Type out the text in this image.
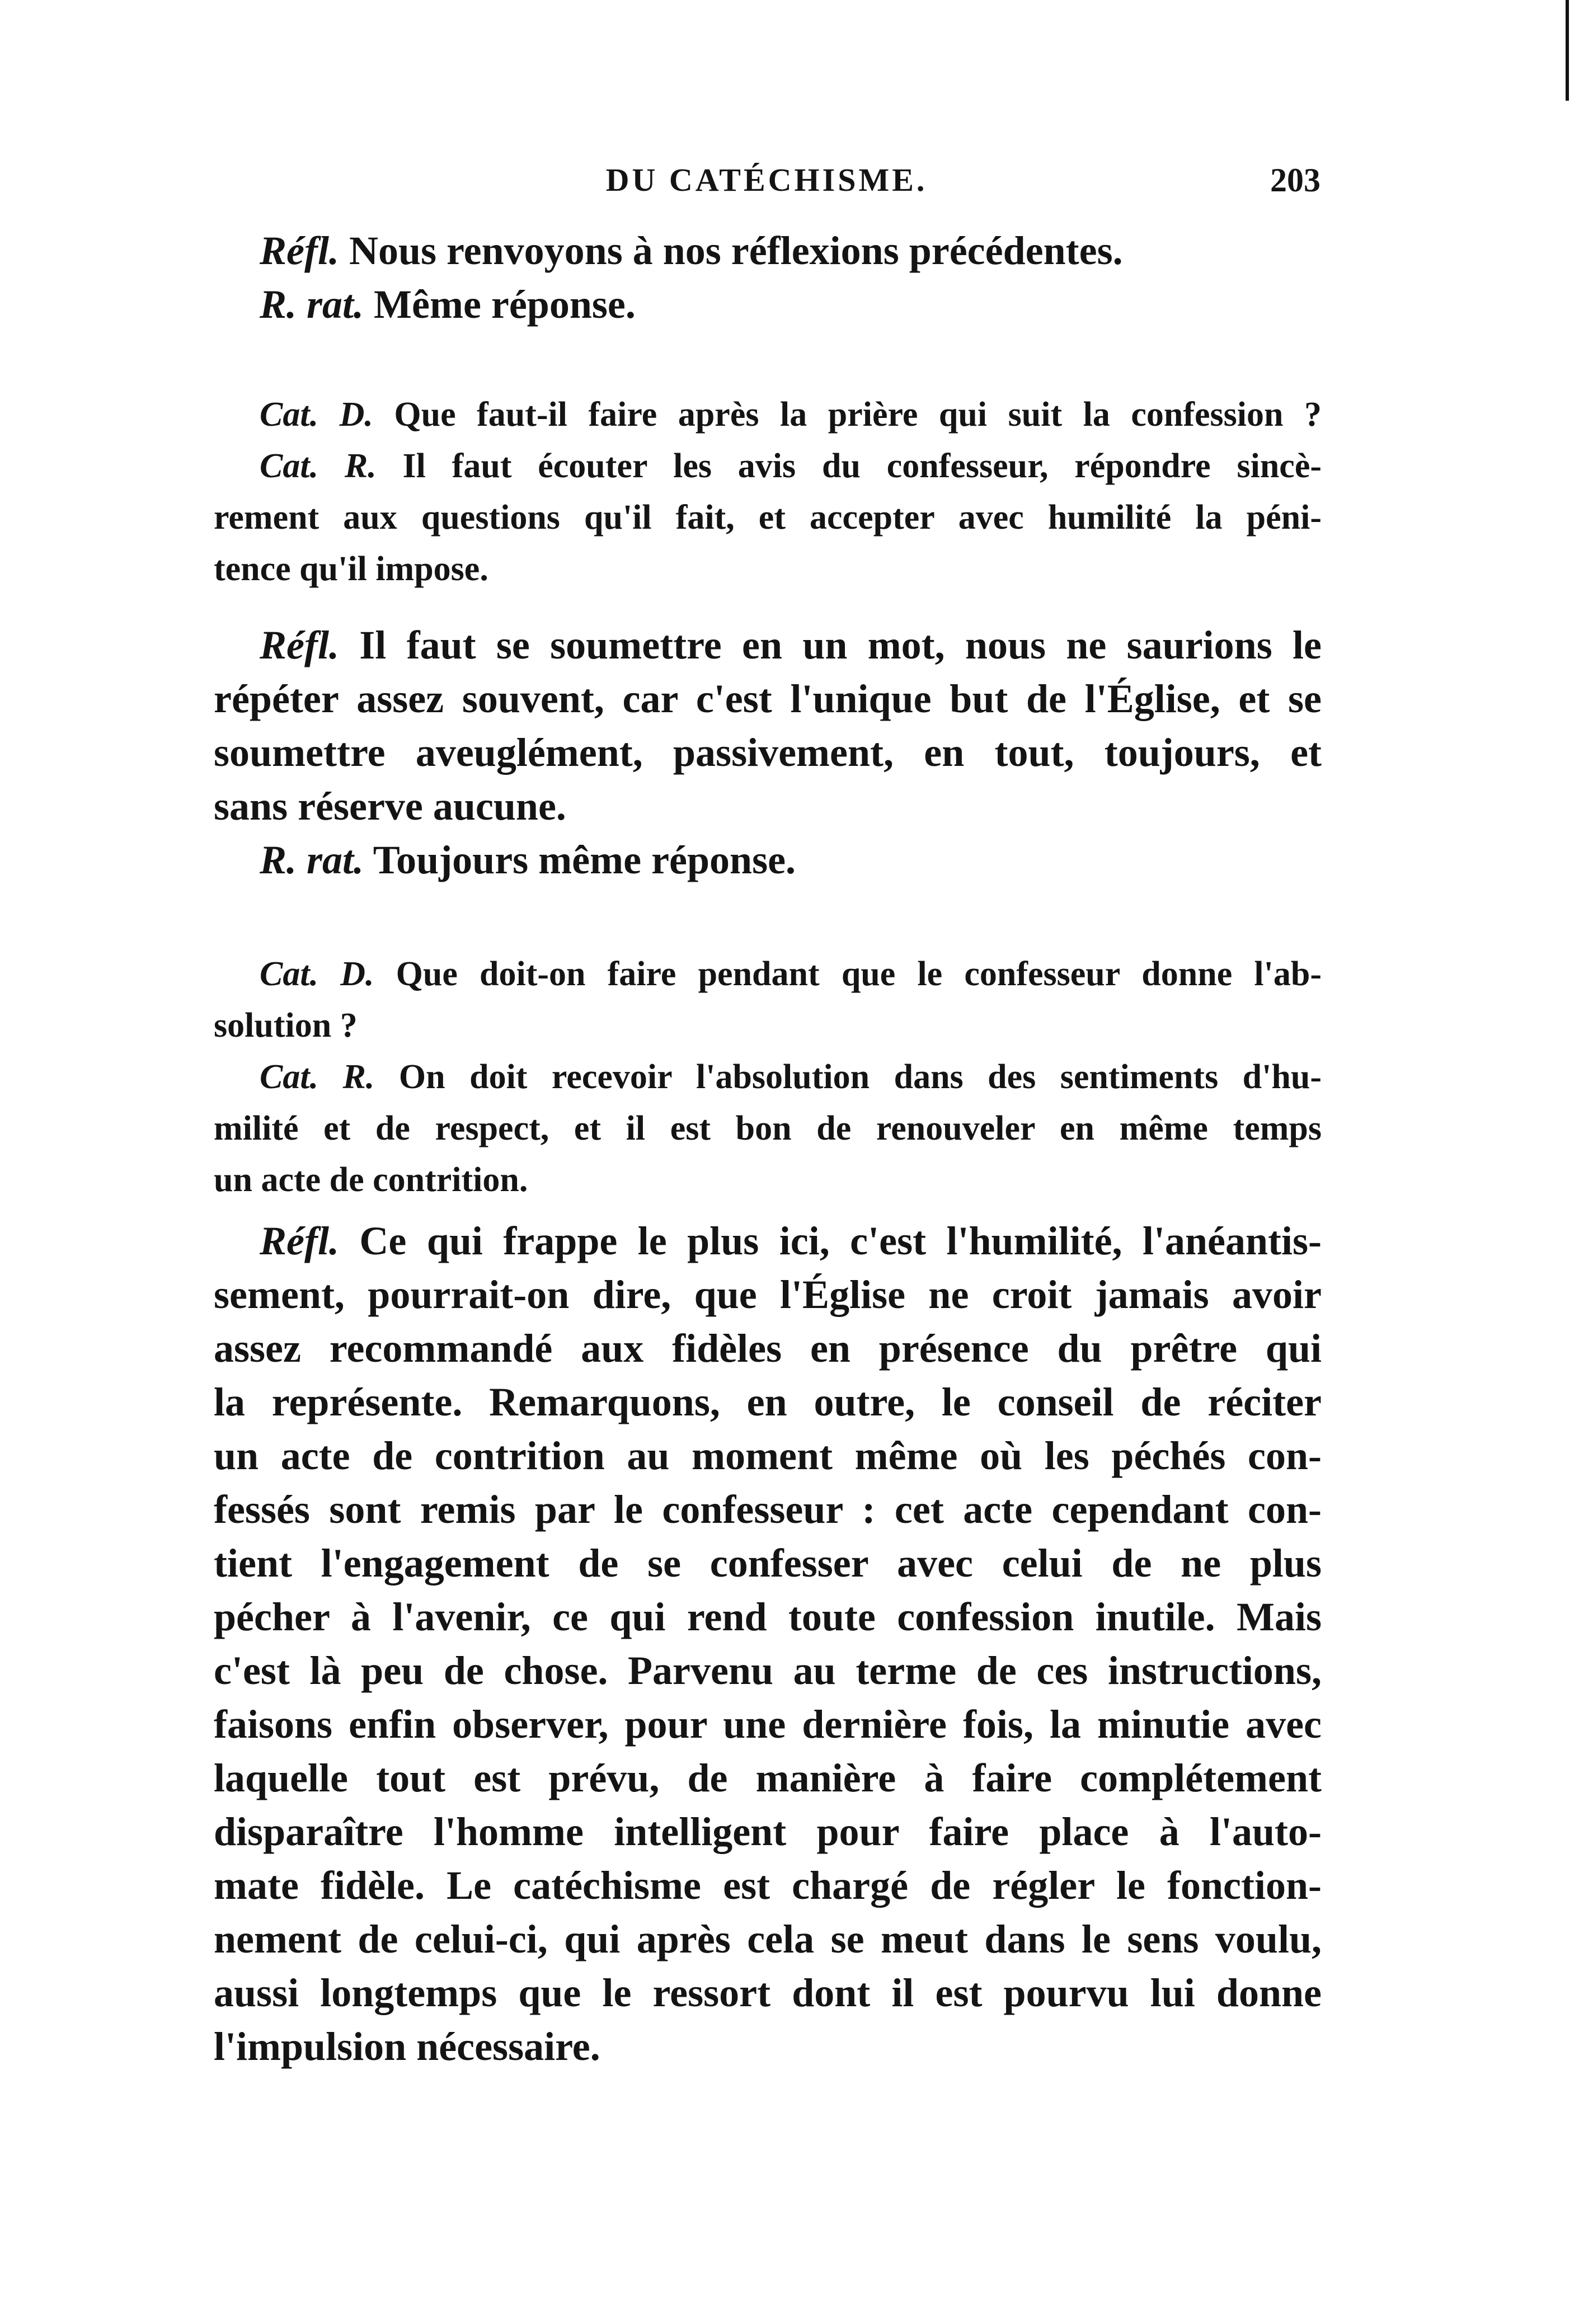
DU CATÉCHISME.	203
Réfl. Nous renvoyons à nos réflexions précédentes.
R. rat. Même réponse.
Cat. D. Que faut-il faire après la prière qui suit la confession ?
Cat. R. Il faut écouter les avis du confesseur, répondre sincè-
rement aux questions qu'il fait, et accepter avec humilité la péni-
tence qu'il impose.
Réfl. Il faut se soumettre en un mot, nous ne saurions le
répéter assez souvent, car c'est l'unique but de l'Église, et se
soumettre aveuglément, passivement, en tout, toujours, et
sans réserve aucune.
R. rat. Toujours même réponse.
Cat. D. Que doit-on faire pendant que le confesseur donne l'ab-
solution ?
Cat. R. On doit recevoir l'absolution dans des sentiments d'hu-
milité et de respect, et il est bon de renouveler en même temps
un acte de contrition.
Réfl. Ce qui frappe le plus ici, c'est l'humilité, l'anéantis-
sement, pourrait-on dire, que l'Église ne croit jamais avoir
assez recommandé aux fidèles en présence du prêtre qui
la représente. Remarquons, en outre, le conseil de réciter
un acte de contrition au moment même où les péchés con-
fessés sont remis par le confesseur : cet acte cependant con-
tient l'engagement de se confesser avec celui de ne plus
pécher à l'avenir, ce qui rend toute confession inutile. Mais
c'est là peu de chose. Parvenu au terme de ces instructions,
faisons enfin observer, pour une dernière fois, la minutie avec
laquelle tout est prévu, de manière à faire complétement
disparaître l'homme intelligent pour faire place à l'auto-
mate fidèle. Le catéchisme est chargé de régler le fonction-
nement de celui-ci, qui après cela se meut dans le sens voulu,
aussi longtemps que le ressort dont il est pourvu lui donne
l'impulsion nécessaire.
